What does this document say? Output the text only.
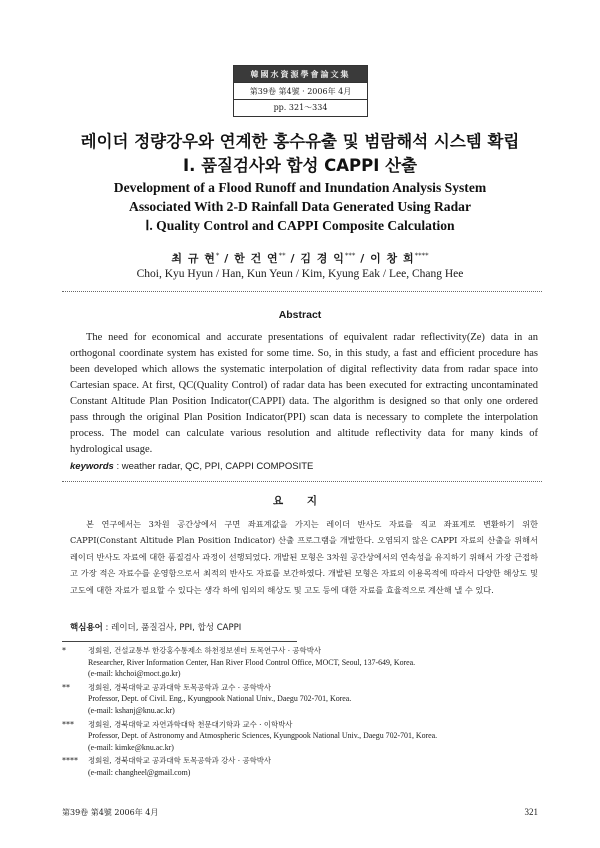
韓國水資源學會論文集
第39卷 第4號 · 2006年 4月
pp. 321～334
레이더 정량강우와 연계한 홍수유출 및 범람해석 시스템 확립
Ⅰ. 품질검사와 합성 CAPPI 산출
Development of a Flood Runoff and Inundation Analysis System
Associated With 2-D Rainfall Data Generated Using Radar
Ⅰ. Quality Control and CAPPI Composite Calculation
최 규 현* / 한 건 연** / 김 경 익*** / 이 창 희****
Choi, Kyu Hyun / Han, Kun Yeun / Kim, Kyung Eak / Lee, Chang Hee
Abstract

The need for economical and accurate presentations of equivalent radar reflectivity(Ze) data in an orthogonal coordinate system has existed for some time. So, in this study, a fast and efficient procedure has been developed which allows the systematic interpolation of digital reflectivity data from radar space into Cartesian space. At first, QC(Quality Control) of radar data has been executed for extracting uncontaminated Constant Altitude Plan Position Indicator(CAPPI) data. The algorithm is designed so that only one ordered pass through the original Plan Position Indicator(PPI) scan data is necessary to complete the interpolation process. The model can calculate various resolution and altitude reflectivity data for many kinds of hydrological usage.

keywords : weather radar, QC, PPI, CAPPI COMPOSITE
요 지

본 연구에서는 3차원 공간상에서 구면 좌표계값을 가지는 레이더 반사도 자료를 직교 좌표계로 변환하기 위한 CAPPI(Constant Altitude Plan Position Indicator) 산출 프로그램을 개발한다. 오염되지 않은 CAPPI 자료의 산출을 위해서 레이더 반사도 자료에 대한 품질검사 과정이 선행되었다. 개발된 모형은 3차원 공간상에서의 연속성을 유지하기 위해서 가장 근접하고 가장 적은 자료수를 운영함으로서 최적의 반사도 자료를 보간하였다. 개발된 모형은 자료의 이용목적에 따라서 다양한 해상도 및 고도에 대한 자료가 필요할 수 있다는 생각 하에 임의의 해상도 및 고도 등에 대한 자료를 효율적으로 계산해 낼 수 있다.

핵심용어 : 레이더, 품질검사, PPI, 합성 CAPPI
*	정회원, 건설교통부 한강홍수통제소 하천정보센터 토목연구사 · 공학박사
Researcher, River Information Center, Han River Flood Control Office, MOCT, Seoul, 137-649, Korea.
(e-mail: khchoi@moct.go.kr)
**	정회원, 경북대학교 공과대학 토목공학과 교수 · 공학박사
Professor, Dept. of Civil. Eng., Kyungpook National Univ., Daegu 702-701, Korea.
(e-mail: kshanj@knu.ac.kr)
***	정회원, 경북대학교 자연과학대학 천문대기학과 교수 · 이학박사
Professor, Dept. of Astronomy and Atmospheric Sciences, Kyungpook National Univ., Daegu 702-701, Korea.
(e-mail: kimke@knu.ac.kr)
****	정회원, 경북대학교 공과대학 토목공학과 강사 · 공학박사
(e-mail: changheel@gmail.com)
第39卷 第4號 2006年 4月	321
